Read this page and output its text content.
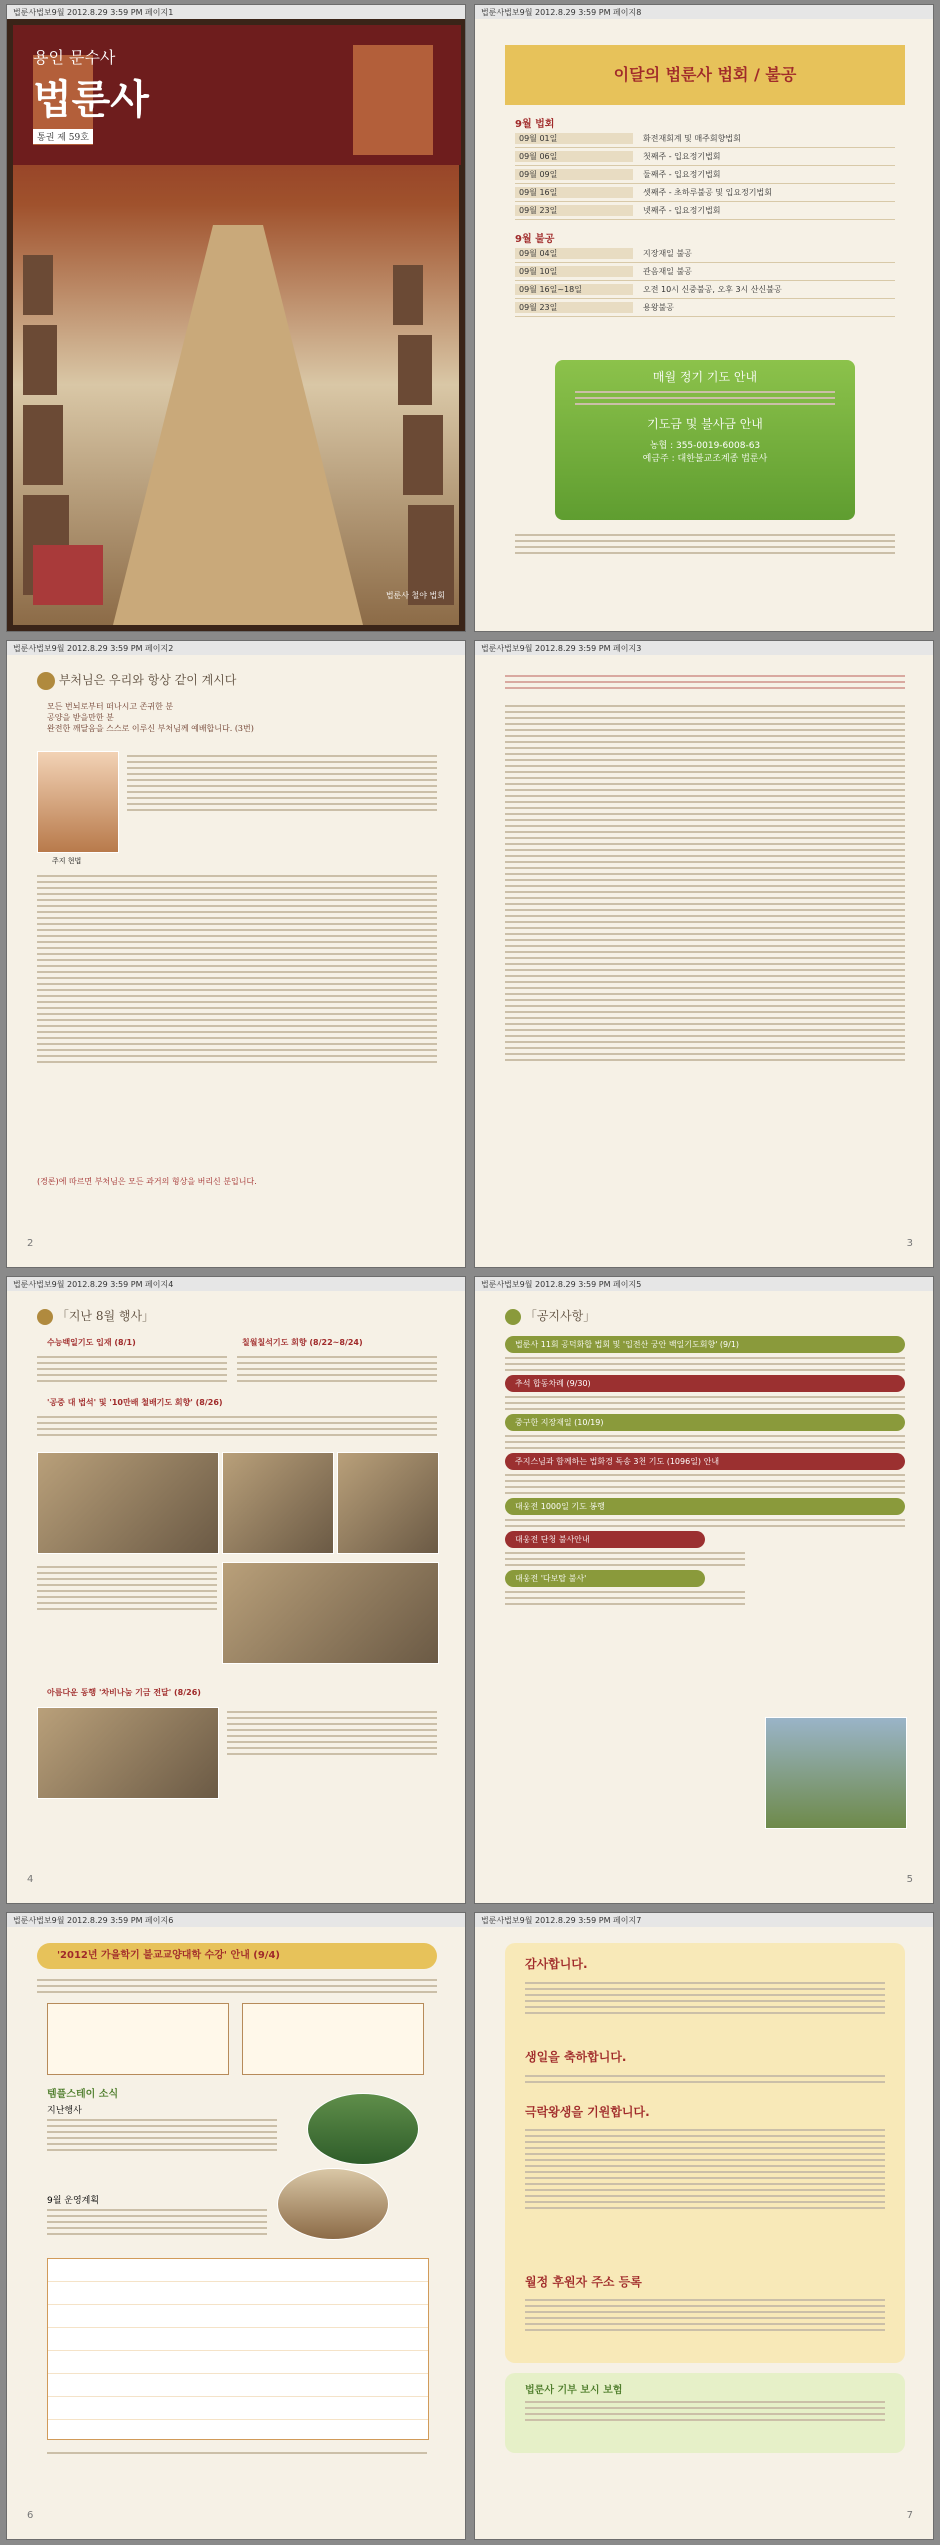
법룬사법보9월 2012.8.29 3:59 PM 페이지1
용인 문수사
법룬사
통권 제 59호
법룬사 철야 법회
법룬사법보9월 2012.8.29 3:59 PM 페이지8
이달의 법룬사 법회 / 불공
9월 법회
09월 01일	화전재회계 및 매주회향법회
09월 06일	첫째주 - 입요정기법회
09월 09일	둘째주 - 입요정기법회
09월 16일	셋째주 - 초하루불공 및 입요정기법회
09월 23일	넷째주 - 입요정기법회
9월 불공
09월 04일	지장재일 불공
09월 10일	관음재일 불공
09월 16일~18일	오전 10시 신중불공, 오후 3시 산신불공
09월 23일	용왕불공
매월 정기 기도 안내
기도금 및 불사금 안내
농협 : 355-0019-6008-63
예금주 : 대한불교조계종 법룬사
법룬사법보9월 2012.8.29 3:59 PM 페이지2
부처님은 우리와 항상 같이 계시다
모든 번뇌로부터 떠나시고 존귀한 분
공양을 받을만한 분
완전한 깨달음을 스스로 이루신 부처님께 예배합니다. (3번)
주지 현법
(경론)에 따르면 부처님은 모든 과거의 형상을 버리신 분입니다.
2
법룬사법보9월 2012.8.29 3:59 PM 페이지3
3
법룬사법보9월 2012.8.29 3:59 PM 페이지4
「지난 8월 행사」
수능백일기도 입재 (8/1)	칠월칠석기도 회향 (8/22~8/24)
'공중 대 법석' 및 '10만배 철배기도 회향' (8/26)
아름다운 동행 '차비나눔 기금 전달' (8/26)
4
법룬사법보9월 2012.8.29 3:59 PM 페이지5
「공지사항」
법룬사 11회 공덕화합 법회 및 '입전산 궁안 백일기도회향' (9/1)
추석 합동차례 (9/30)
중구한 지장재일 (10/19)
주지스님과 함께하는 법화경 독송 3천 기도 (1096일) 안내
대웅전 1000일 기도 봉행
대웅전 단청 불사안내
대웅전 '다보탑 불사'
5
법룬사법보9월 2012.8.29 3:59 PM 페이지6
'2012년 가을학기 불교교양대학 수강' 안내 (9/4)
템플스테이 소식
지난행사
9월 운영계획
6
법룬사법보9월 2012.8.29 3:59 PM 페이지7
감사합니다.
생일을 축하합니다.
극락왕생을 기원합니다.
월정 후원자 주소 등록
법룬사 기부 보시 보험
7
